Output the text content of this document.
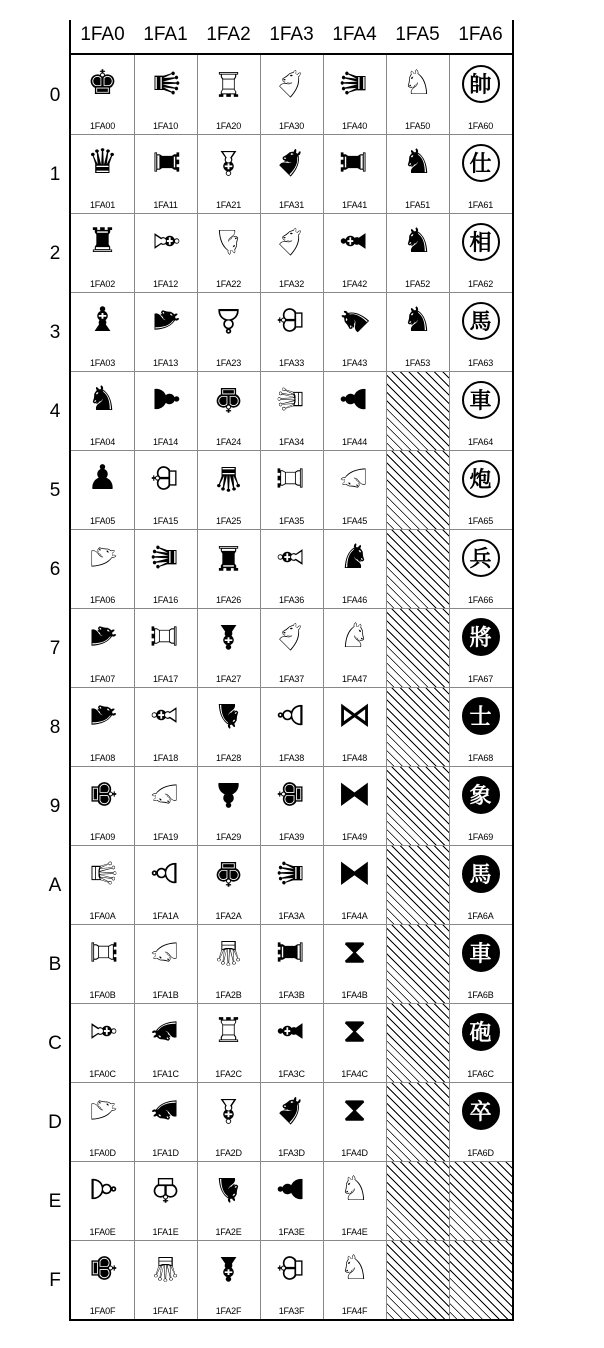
1FA0 1FA1 1FA2 1FA3 1FA4 1FA5 1FA6
0
1
2
3
4
5
6
7
8
9
A
B
C
D
E
F
♚
1FA00
♛
1FA01
♜
1FA02
♝
1FA03
♞
1FA04
♟
1FA05
♘
1FA06
♞
1FA07
♞
1FA08
♚
1FA09
♕
1FA0A
♖
1FA0B
♗
1FA0C
♘
1FA0D
♙
1FA0E
♚
1FA0F
♛
1FA10
♜
1FA11
♗
1FA12
♞
1FA13
♟
1FA14
♔
1FA15
♛
1FA16
♖
1FA17
♗
1FA18
♘
1FA19
♙
1FA1A
♘
1FA1B
♞
1FA1C
♞
1FA1D
♔
1FA1E
♕
1FA1F
♖
1FA20
♗
1FA21
♘
1FA22
♙
1FA23
♚
1FA24
♛
1FA25
♜
1FA26
♝
1FA27
♞
1FA28
♟
1FA29
♚
1FA2A
♕
1FA2B
♖
1FA2C
♗
1FA2D
♞
1FA2E
♝
1FA2F
♘
1FA30
♞
1FA31
♘
1FA32
♔
1FA33
♕
1FA34
♖
1FA35
♗
1FA36
♘
1FA37
♙
1FA38
♚
1FA39
♛
1FA3A
♜
1FA3B
♝
1FA3C
♞
1FA3D
♟
1FA3E
♔
1FA3F
♛
1FA40
♜
1FA41
♝
1FA42
♞
1FA43
♟
1FA44
♘
1FA45
♞
1FA46
♘
1FA47
⋈
1FA48
⧓
1FA49
⧓
1FA4A
⧗
1FA4B
⧗
1FA4C
⧗
1FA4D
♘
1FA4E
♘
1FA4F
♘
1FA50
♞
1FA51
♞
1FA52
♞
1FA53
帥
1FA60
仕
1FA61
相
1FA62
馬
1FA63
車
1FA64
炮
1FA65
兵
1FA66
將
1FA67
士
1FA68
象
1FA69
馬
1FA6A
車
1FA6B
砲
1FA6C
卒
1FA6D
